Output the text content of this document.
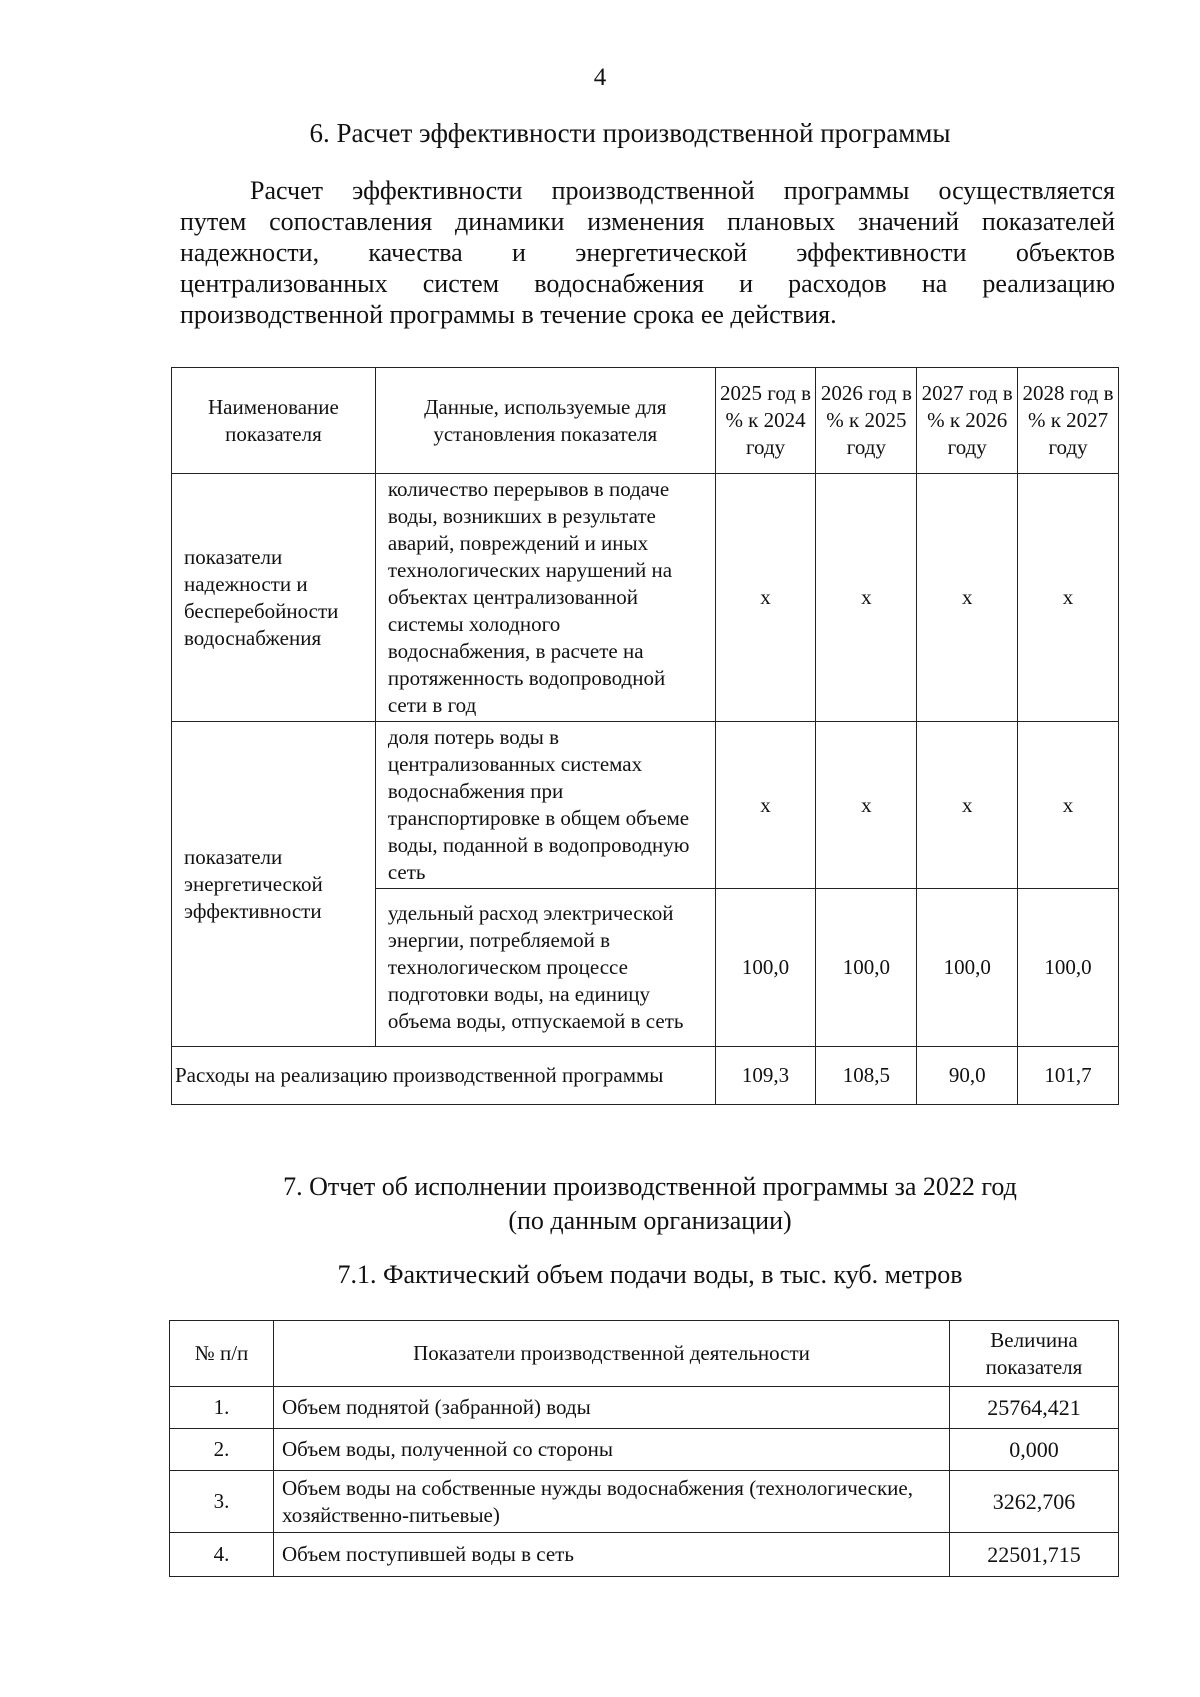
4
6. Расчет эффективности производственной программы
Расчет эффективности производственной программы осуществляется
путем сопоставления динамики изменения плановых значений показателей
надежности, качества и энергетической эффективности объектов
централизованных систем водоснабжения и расходов на реализацию
производственной программы в течение срока ее действия.
Наименование показателя	Данные, используемые для установления показателя	2025 год в % к 2024 году	2026 год в % к 2025 году	2027 год в % к 2026 году	2028 год в % к 2027 году
показатели надежности и бесперебойности водоснабжения	количество перерывов в подаче воды, возникших в результате аварий, повреждений и иных технологических нарушений на объектах централизованной системы холодного водоснабжения, в расчете на протяженность водопроводной сети в год	х	х	х	х
показатели энергетической эффективности	доля потерь воды в централизованных системах водоснабжения при транспортировке в общем объеме воды, поданной в водопроводную сеть	х	х	х	х
	удельный расход электрической энергии, потребляемой в технологическом процессе подготовки воды, на единицу объема воды, отпускаемой в сеть	100,0	100,0	100,0	100,0
Расходы на реализацию производственной программы		109,3	108,5	90,0	101,7
7. Отчет об исполнении производственной программы за 2022 год
(по данным организации)
7.1. Фактический объем подачи воды, в тыс. куб. метров
№ п/п	Показатели производственной деятельности	Величина показателя
1.	Объем поднятой (забранной) воды	25764,421
2.	Объем воды, полученной со стороны	0,000
3.	Объем воды на собственные нужды водоснабжения (технологические, хозяйственно-питьевые)	3262,706
4.	Объем поступившей воды в сеть	22501,715
